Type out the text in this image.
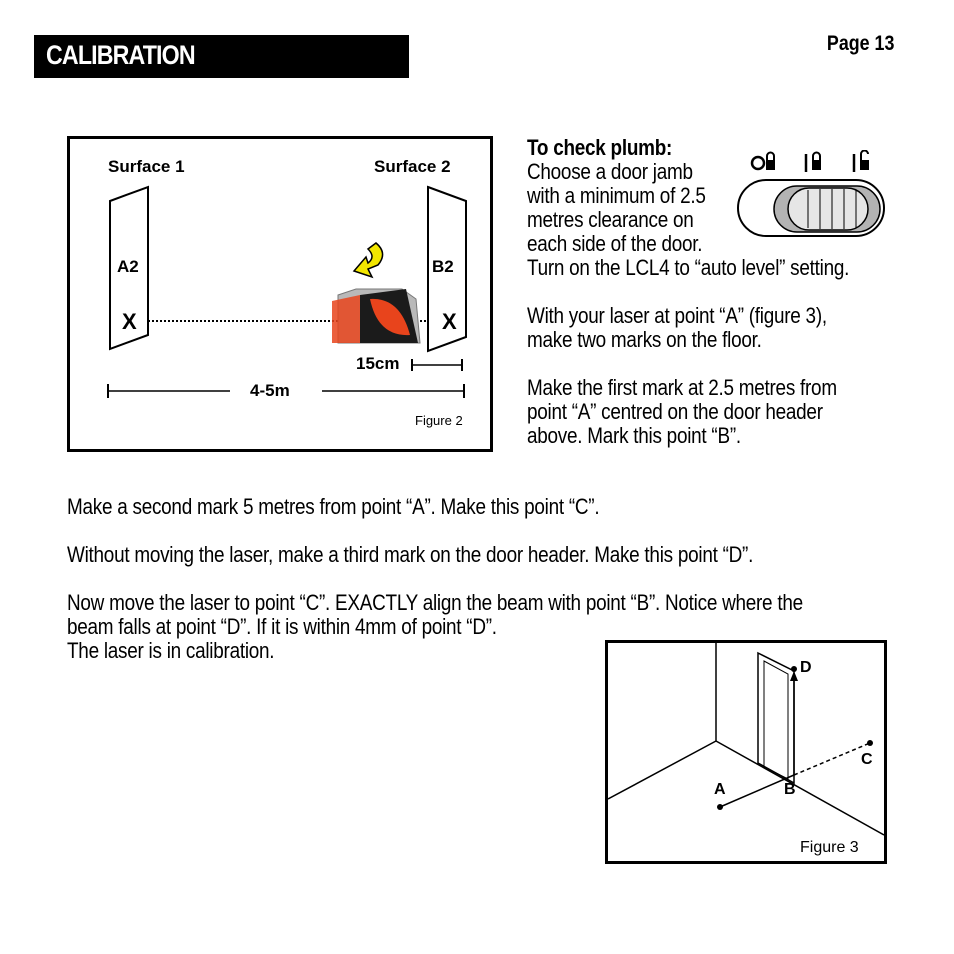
CALIBRATION	Page 13
Surface 1	Surface 2
A2	B2
X	X
15cm
4-5m
Figure 2

To check plumb:

Choose a door jamb

with a minimum of 2.5

metres clearance on

each side of the door.

Turn on the LCL4 to “auto level” setting.

With your laser at point “A” (figure 3),

make two marks on the floor.

Make the first mark at 2.5 metres from

point “A” centred on the door header

above. Mark this point “B”.

Make a second mark 5 metres from point “A”. Make this point “C”.

Without moving the laser, make a third mark on the door header. Make this point “D”.

Now move the laser to point “C”. EXACTLY align the beam with point “B”. Notice where the

beam falls at point “D”. If it is within 4mm of point “D”.

The laser is in calibration.

A	B
C
D
Figure 3
